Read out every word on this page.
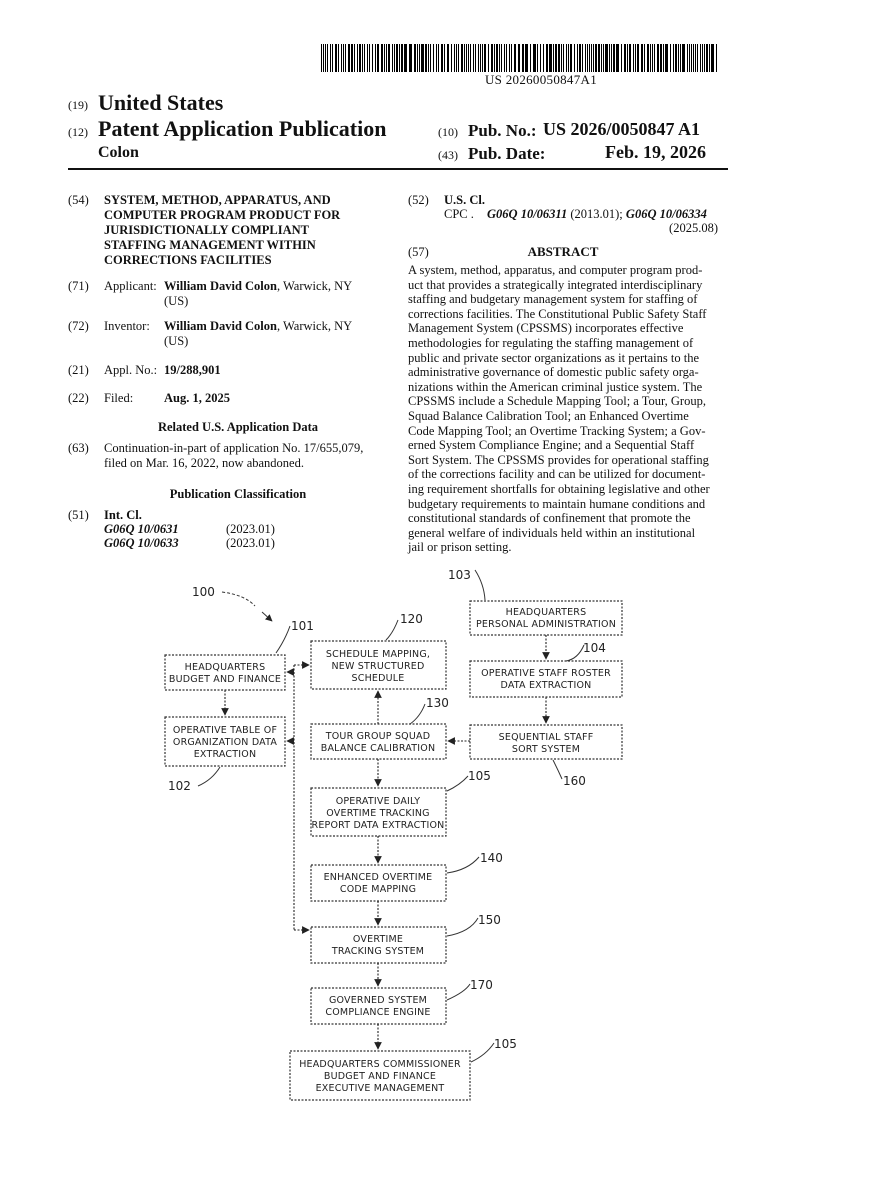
US 20260050847A1
(19) United States
(12) Patent Application Publication
Colon
(10) Pub. No.: US 2026/0050847 A1
(43) Pub. Date:	Feb. 19, 2026
(54) SYSTEM, METHOD, APPARATUS, AND
COMPUTER PROGRAM PRODUCT FOR
JURISDICTIONALLY COMPLIANT
STAFFING MANAGEMENT WITHIN
CORRECTIONS FACILITIES
(71) Applicant: William David Colon, Warwick, NY
(US)
(72) Inventor: William David Colon, Warwick, NY
(US)
(21) Appl. No.: 19/288,901
(22) Filed: Aug. 1, 2025
Related U.S. Application Data
(63) Continuation-in-part of application No. 17/655,079,
filed on Mar. 16, 2022, now abandoned.
Publication Classification
(51) Int. Cl.
G06Q 10/0631	(2023.01)
G06Q 10/0633	(2023.01)
(52) U.S. Cl.
CPC . G06Q 10/06311 (2013.01); G06Q 10/06334
(2025.08)
(57)	ABSTRACT
A system, method, apparatus, and computer program prod-
uct that provides a strategically integrated interdisciplinary
staffing and budgetary management system for staffing of
corrections facilities. The Constitutional Public Safety Staff
Management System (CPSSMS) incorporates effective
methodologies for regulating the staffing management of
public and private sector organizations as it pertains to the
administrative governance of domestic public safety orga-
nizations within the American criminal justice system. The
CPSSMS include a Schedule Mapping Tool; a Tour, Group,
Squad Balance Calibration Tool; an Enhanced Overtime
Code Mapping Tool; an Overtime Tracking System; a Gov-
erned System Compliance Engine; and a Sequential Staff
Sort System. The CPSSMS provides for operational staffing
of the corrections facility and can be utilized for document-
ing requirement shortfalls for obtaining legislative and other
budgetary requirements to maintain humane conditions and
constitutional standards of confinement that promote the
general welfare of individuals held within an institutional
jail or prison setting.
100
101	120
103
104
130
102
105	160
140
150
170
105
HEADQUARTERS
BUDGET AND FINANCE
OPERATIVE TABLE OF
ORGANIZATION DATA
EXTRACTION
SCHEDULE MAPPING,
NEW STRUCTURED
SCHEDULE
TOUR GROUP SQUAD
BALANCE CALIBRATION
HEADQUARTERS
PERSONAL ADMINISTRATION
OPERATIVE STAFF ROSTER
DATA EXTRACTION
SEQUENTIAL STAFF
SORT SYSTEM
OPERATIVE DAILY
OVERTIME TRACKING
REPORT DATA EXTRACTION
ENHANCED OVERTIME
CODE MAPPING
OVERTIME
TRACKING SYSTEM
GOVERNED SYSTEM
COMPLIANCE ENGINE
HEADQUARTERS COMMISSIONER
BUDGET AND FINANCE
EXECUTIVE MANAGEMENT
